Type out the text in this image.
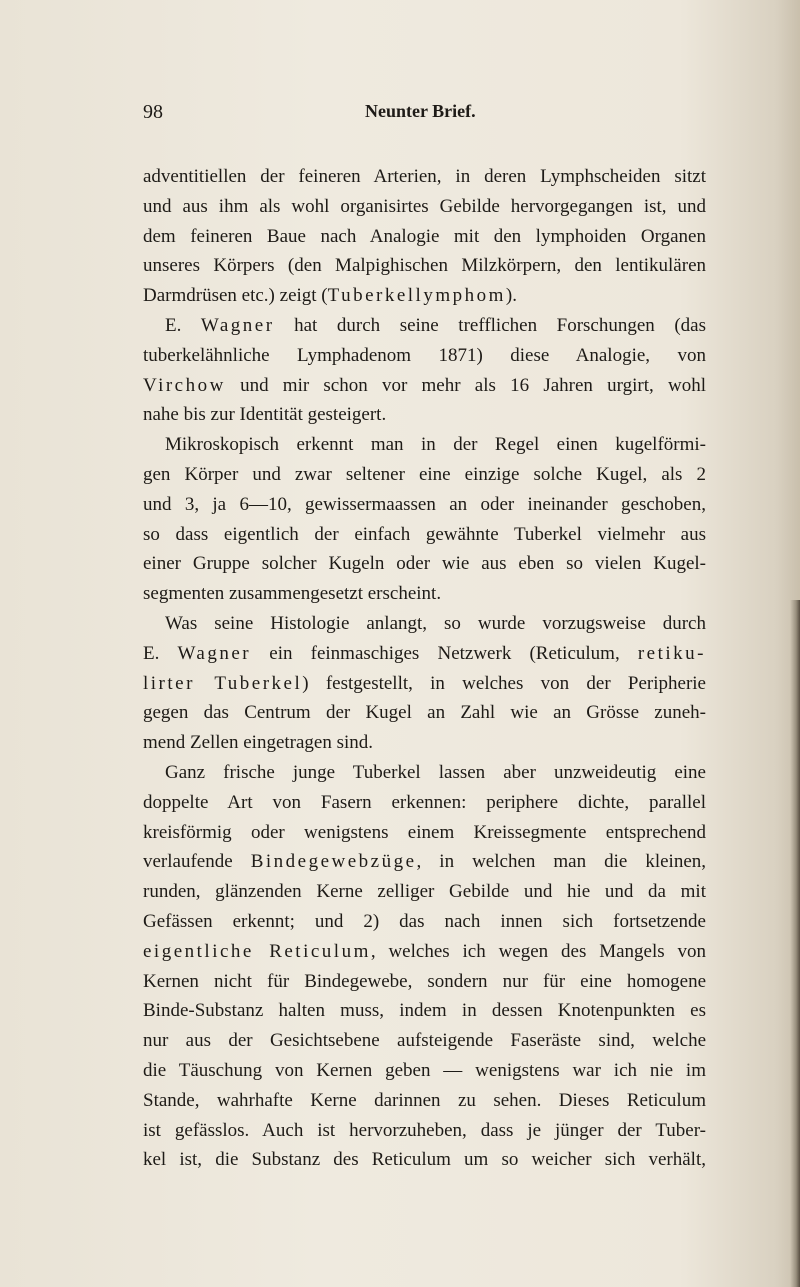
98	Neunter Brief.
adventitiellen der feineren Arterien, in deren Lymphscheiden sitzt
und aus ihm als wohl organisirtes Gebilde hervorgegangen ist, und
dem feineren Baue nach Analogie mit den lymphoiden Organen
unseres Körpers (den Malpighischen Milzkörpern, den lentikulären
Darmdrüsen etc.) zeigt (Tuberkellymphom).
E. Wagner hat durch seine trefflichen Forschungen (das
tuberkelähnliche Lymphadenom 1871) diese Analogie, von
Virchow und mir schon vor mehr als 16 Jahren urgirt, wohl
nahe bis zur Identität gesteigert.
Mikroskopisch erkennt man in der Regel einen kugelförmi-
gen Körper und zwar seltener eine einzige solche Kugel, als 2
und 3, ja 6—10, gewissermaassen an oder ineinander geschoben,
so dass eigentlich der einfach gewähnte Tuberkel vielmehr aus
einer Gruppe solcher Kugeln oder wie aus eben so vielen Kugel-
segmenten zusammengesetzt erscheint.
Was seine Histologie anlangt, so wurde vorzugsweise durch
E. Wagner ein feinmaschiges Netzwerk (Reticulum, retiku-
lirter Tuberkel) festgestellt, in welches von der Peripherie
gegen das Centrum der Kugel an Zahl wie an Grösse zuneh-
mend Zellen eingetragen sind.
Ganz frische junge Tuberkel lassen aber unzweideutig eine
doppelte Art von Fasern erkennen: periphere dichte, parallel
kreisförmig oder wenigstens einem Kreissegmente entsprechend
verlaufende Bindegewebzüge, in welchen man die kleinen,
runden, glänzenden Kerne zelliger Gebilde und hie und da mit
Gefässen erkennt; und 2) das nach innen sich fortsetzende
eigentliche Reticulum, welches ich wegen des Mangels von
Kernen nicht für Bindegewebe, sondern nur für eine homogene
Binde-Substanz halten muss, indem in dessen Knotenpunkten es
nur aus der Gesichtsebene aufsteigende Faseräste sind, welche
die Täuschung von Kernen geben — wenigstens war ich nie im
Stande, wahrhafte Kerne darinnen zu sehen. Dieses Reticulum
ist gefässlos. Auch ist hervorzuheben, dass je jünger der Tuber-
kel ist, die Substanz des Reticulum um so weicher sich verhält,
